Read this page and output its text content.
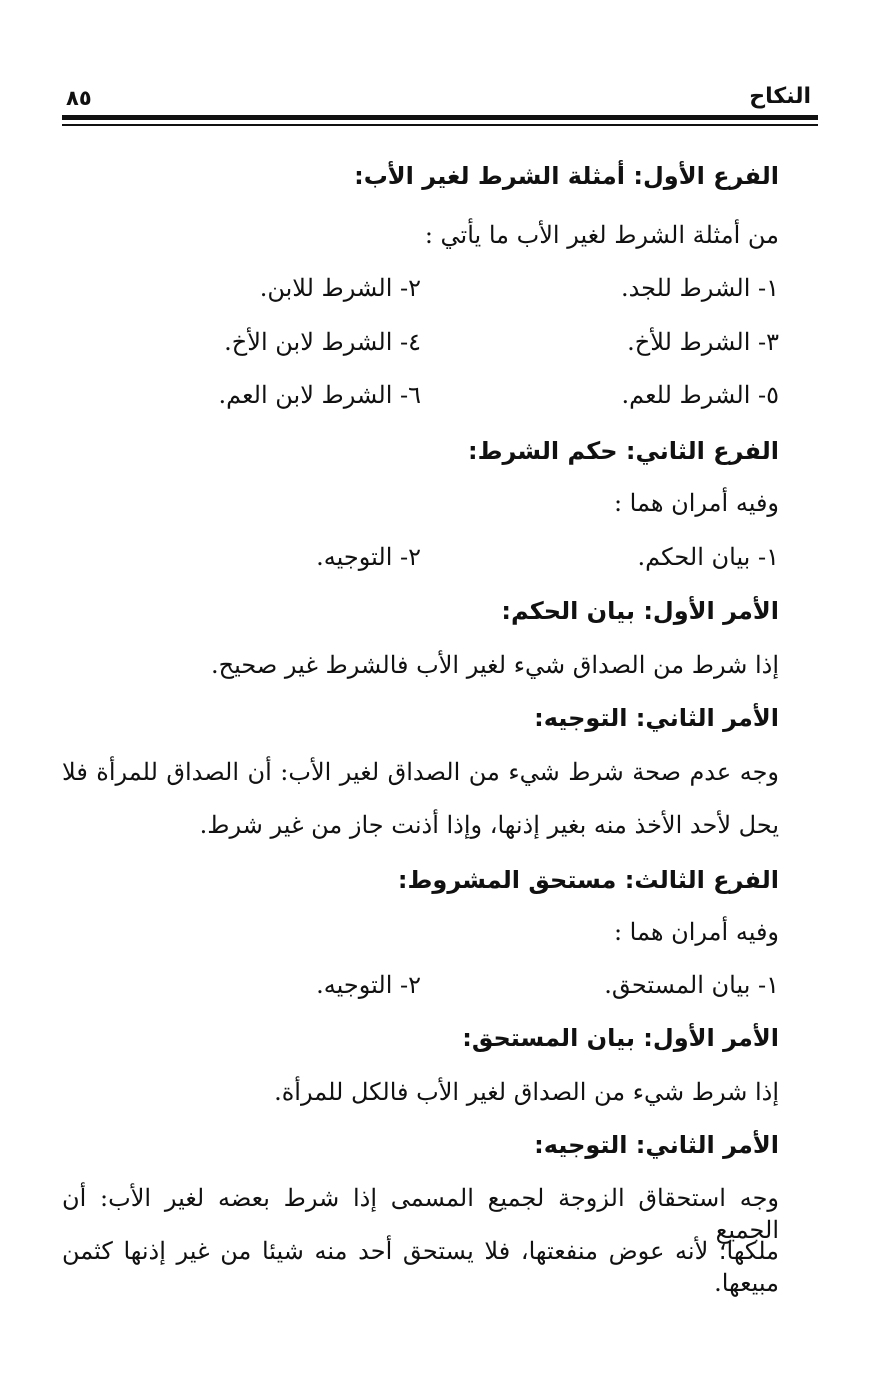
النكاح
٨٥
الفرع الأول: أمثلة الشرط لغير الأب:
من أمثلة الشرط لغير الأب ما يأتي :
١- الشرط للجد.
٢- الشرط للابن.
٣- الشرط للأخ.
٤- الشرط لابن الأخ.
٥- الشرط للعم.
٦- الشرط لابن العم.
الفرع الثاني: حكم الشرط:
وفيه أمران هما :
١- بيان الحكم.
٢- التوجيه.
الأمر الأول: بيان الحكم:
إذا شرط من الصداق شيء لغير الأب فالشرط غير صحيح.
الأمر الثاني: التوجيه:
وجه عدم صحة شرط شيء من الصداق لغير الأب: أن الصداق للمرأة فلا
يحل لأحد الأخذ منه بغير إذنها، وإذا أذنت جاز من غير شرط.
الفرع الثالث: مستحق المشروط:
وفيه أمران هما :
١- بيان المستحق.
٢- التوجيه.
الأمر الأول: بيان المستحق:
إذا شرط شيء من الصداق لغير الأب فالكل للمرأة.
الأمر الثاني: التوجيه:
وجه استحقاق الزوجة لجميع المسمى إذا شرط بعضه لغير الأب: أن الجميع
ملكها؛ لأنه عوض منفعتها، فلا يستحق أحد منه شيئا من غير إذنها كثمن مبيعها.
